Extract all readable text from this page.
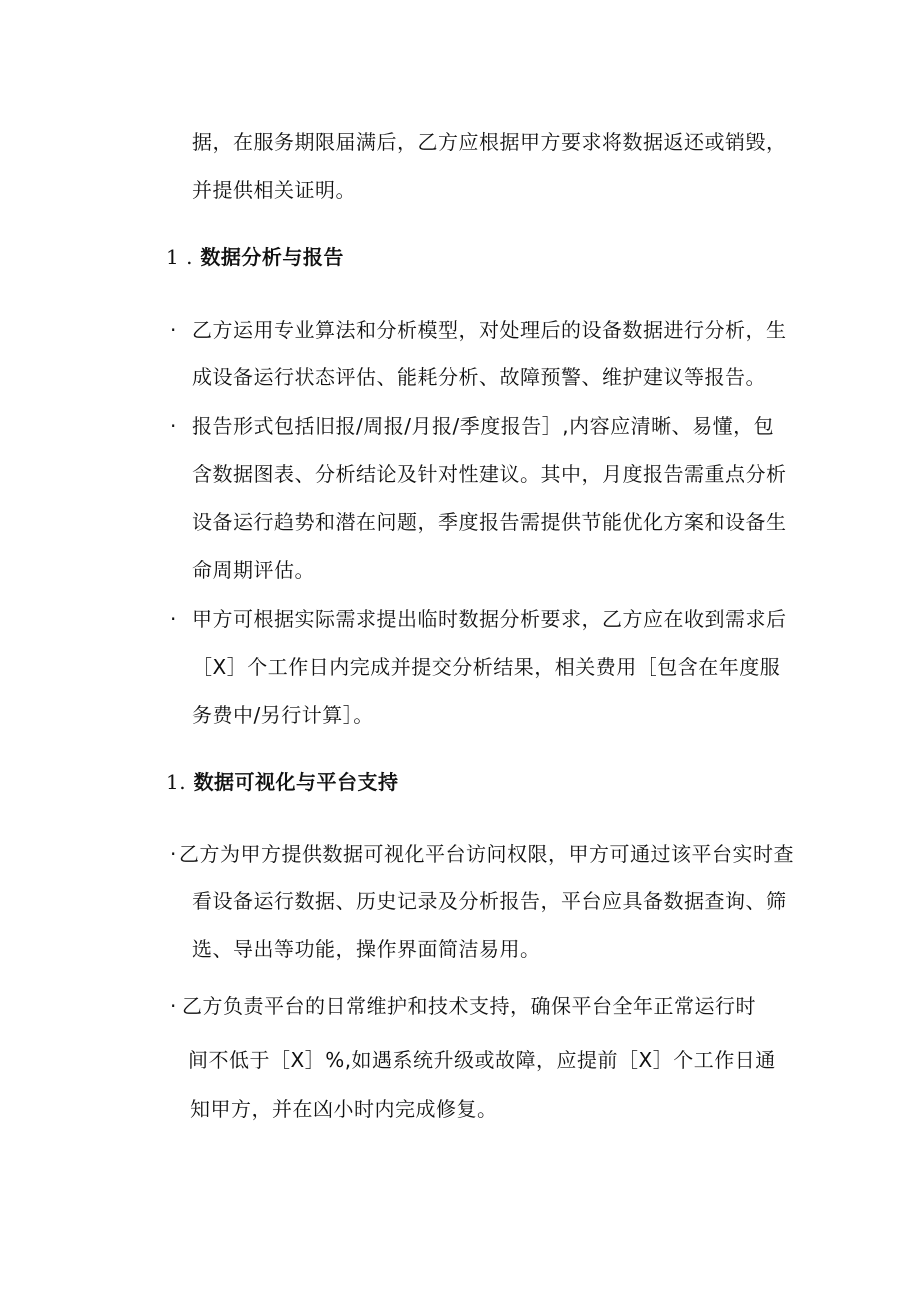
据，在服务期限届满后，乙方应根据甲方要求将数据返还或销毁，
并提供相关证明。
1 . 数据分析与报告
· 乙方运用专业算法和分析模型，对处理后的设备数据进行分析，生
成设备运行状态评估、能耗分析、故障预警、维护建议等报告。
· 报告形式包括旧报/周报/月报/季度报告］,内容应清晰、易懂，包
含数据图表、分析结论及针对性建议。其中，月度报告需重点分析
设备运行趋势和潜在问题，季度报告需提供节能优化方案和设备生
命周期评估。
· 甲方可根据实际需求提出临时数据分析要求，乙方应在收到需求后
［X］个工作日内完成并提交分析结果，相关费用［包含在年度服
务费中/另行计算］。
1. 数据可视化与平台支持
· 乙方为甲方提供数据可视化平台访问权限，甲方可通过该平台实时查
看设备运行数据、历史记录及分析报告，平台应具备数据查询、筛
选、导出等功能，操作界面简洁易用。
· 乙方负责平台的日常维护和技术支持，确保平台全年正常运行时
间不低于［X］%,如遇系统升级或故障，应提前［X］个工作日通
知甲方，并在凶小时内完成修复。
